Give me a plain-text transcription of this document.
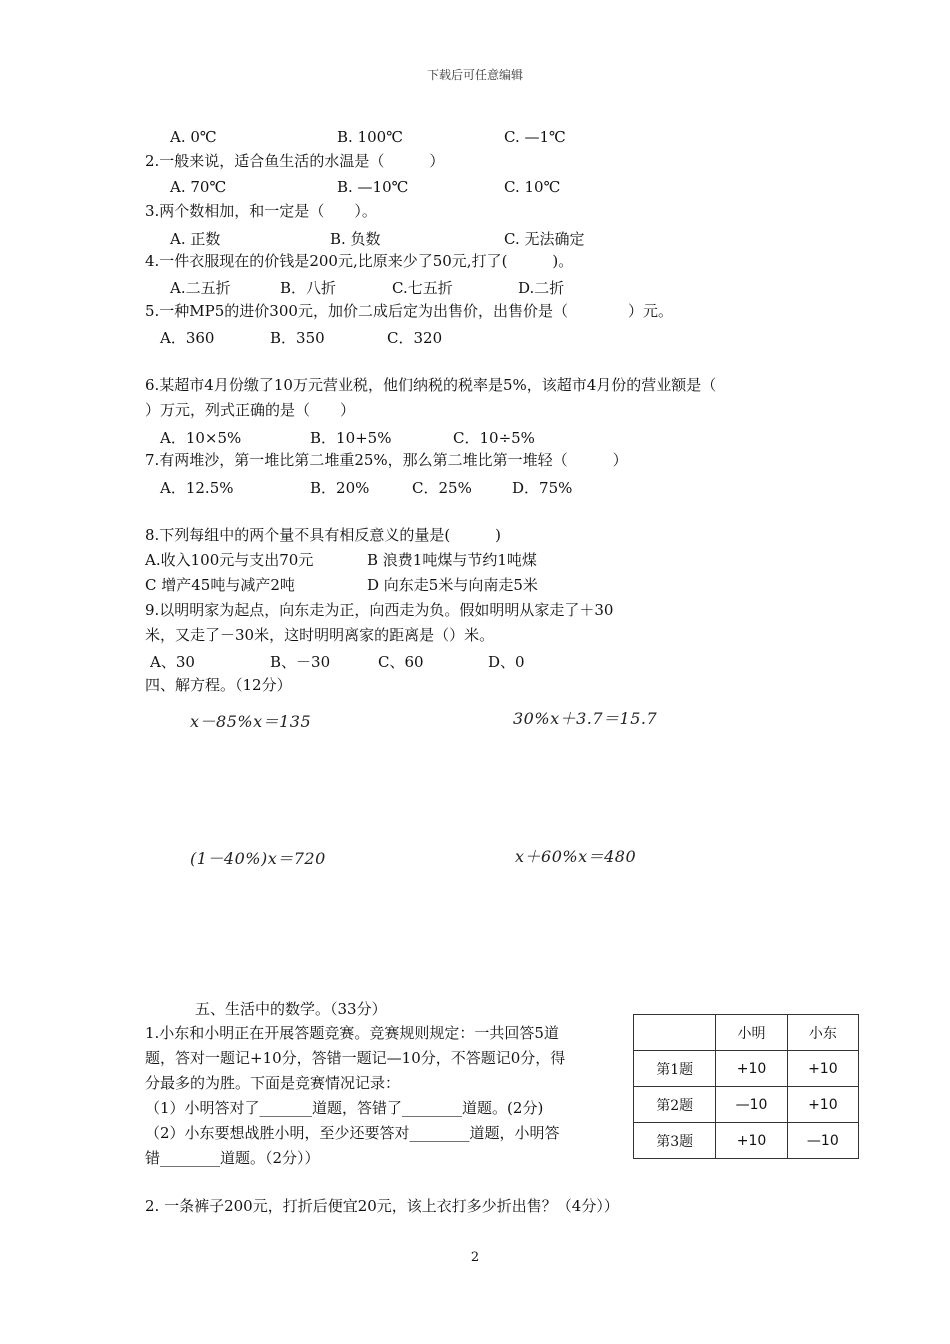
下载后可任意编辑
A. 0℃	B. 100℃	C. —1℃
2.一般来说，适合鱼生活的水温是（　　　）
A. 70℃	B. —10℃	C. 10℃
3.两个数相加，和一定是（　　）。
A. 正数	B. 负数	C. 无法确定
4.一件衣服现在的价钱是200元,比原来少了50元,打了(　　　)。
A.二五折	B．八折	C.七五折	D.二折
5.一种MP5的进价300元，加价二成后定为出售价，出售价是（　　　　）元。
A．360	B．350	C．320
6.某超市4月份缴了10万元营业税，他们纳税的税率是5%，该超市4月份的营业额是（
）万元，列式正确的是（　　）
A．10×5%	B．10+5%	C．10÷5%
7.有两堆沙，第一堆比第二堆重25%，那么第二堆比第一堆轻（　　　）
A．12.5%	B．20%	C．25%	D．75%
8.下列每组中的两个量不具有相反意义的量是(　　　)
A.收入100元与支出70元	B 浪费1吨煤与节约1吨煤
C 增产45吨与减产2吨	D 向东走5米与向南走5米
9.以明明家为起点，向东走为正，向西走为负。假如明明从家走了＋30
米，又走了－30米，这时明明离家的距离是（）米。
A、30	B、－30	C、60	D、0
四、解方程。（12分）
x－85%x＝135	30%x＋3.7＝15.7
(1－40%)x＝720	x＋60%x＝480
五、生活中的数学。（33分）
1.小东和小明正在开展答题竞赛。竞赛规则规定：一共回答5道
题，答对一题记+10分，答错一题记—10分，不答题记0分，得
分最多的为胜。下面是竞赛情况记录：
（1）小明答对了_______道题，答错了________道题。(2分)
（2）小东要想战胜小明，至少还要答对________道题，小明答
错________道题。（2分））
	小明	小东
第1题	+10	+10
第2题	—10	+10
第3题	+10	—10
2. 一条裤子200元，打折后便宜20元，该上衣打多少折出售？（4分））
2
